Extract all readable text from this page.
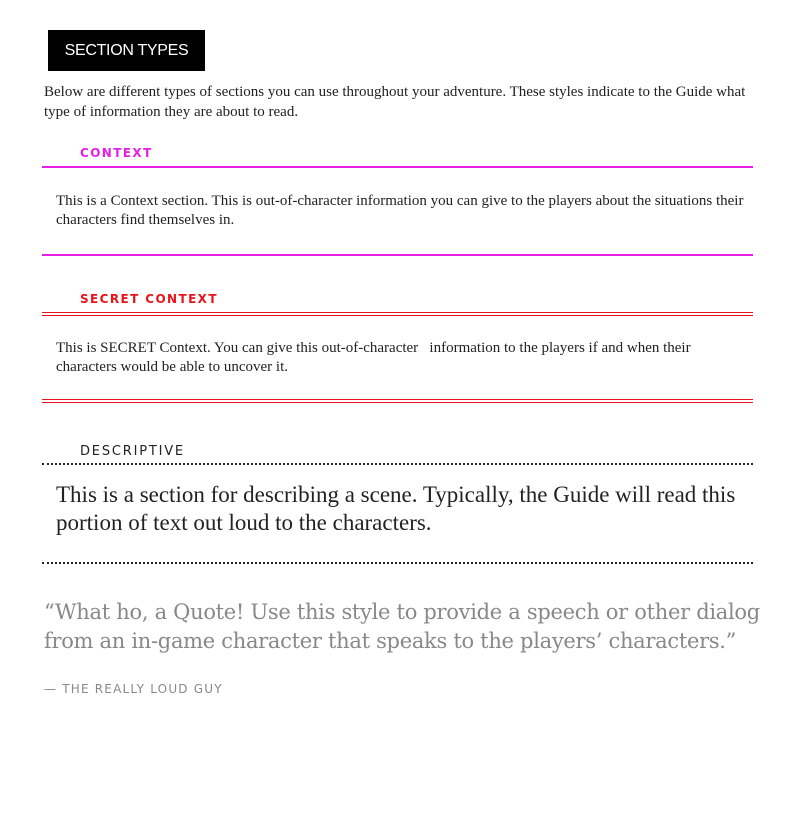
SECTION TYPES
Below are different types of sections you can use throughout your adventure. These styles indicate to the Guide what type of information they are about to read.
CONTEXT
This is a Context section. This is out-of-character information you can give to the players about the situations their characters find themselves in.
SECRET CONTEXT
This is SECRET Context. You can give this out-of-character   information to the players if and when their characters would be able to uncover it.
DESCRIPTIVE
This is a section for describing a scene. Typically, the Guide will read this portion of text out loud to the characters.
“What ho, a Quote! Use this style to provide a speech or other dialog from an in-game character that speaks to the players’ characters.”
— THE REALLY LOUD GUY
